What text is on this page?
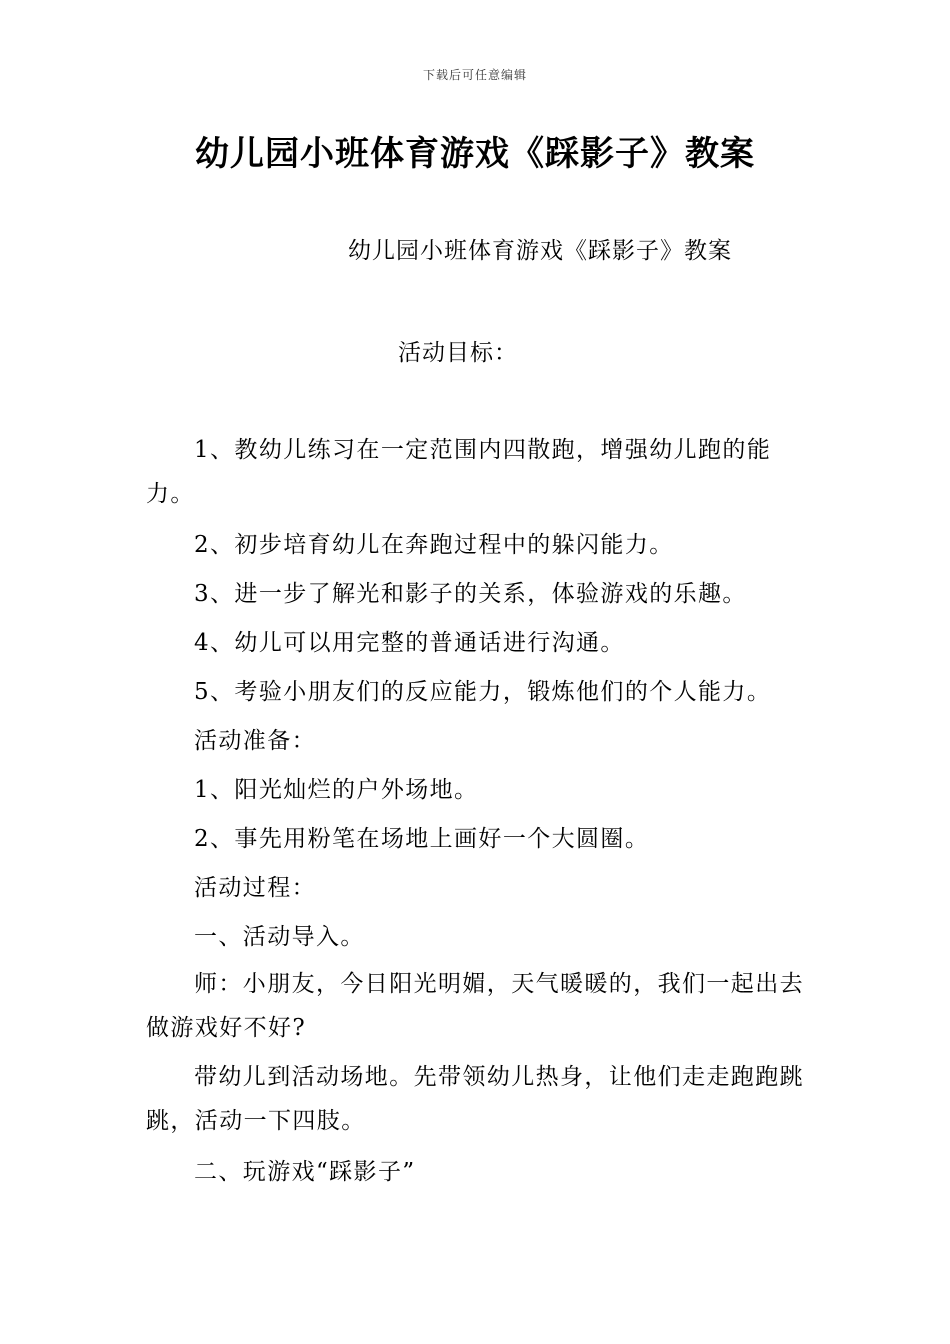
下载后可任意编辑
幼儿园小班体育游戏《踩影子》教案
幼儿园小班体育游戏《踩影子》教案
活动目标：

1、教幼儿练习在一定范围内四散跑，增强幼儿跑的能力。

2、初步培育幼儿在奔跑过程中的躲闪能力。

3、进一步了解光和影子的关系，体验游戏的乐趣。

4、幼儿可以用完整的普通话进行沟通。

5、考验小朋友们的反应能力，锻炼他们的个人能力。

活动准备：

1、阳光灿烂的户外场地。

2、事先用粉笔在场地上画好一个大圆圈。

活动过程：

一、活动导入。

师：小朋友，今日阳光明媚，天气暖暖的，我们一起出去做游戏好不好?

带幼儿到活动场地。先带领幼儿热身，让他们走走跑跑跳跳，活动一下四肢。

二、玩游戏“踩影子”
